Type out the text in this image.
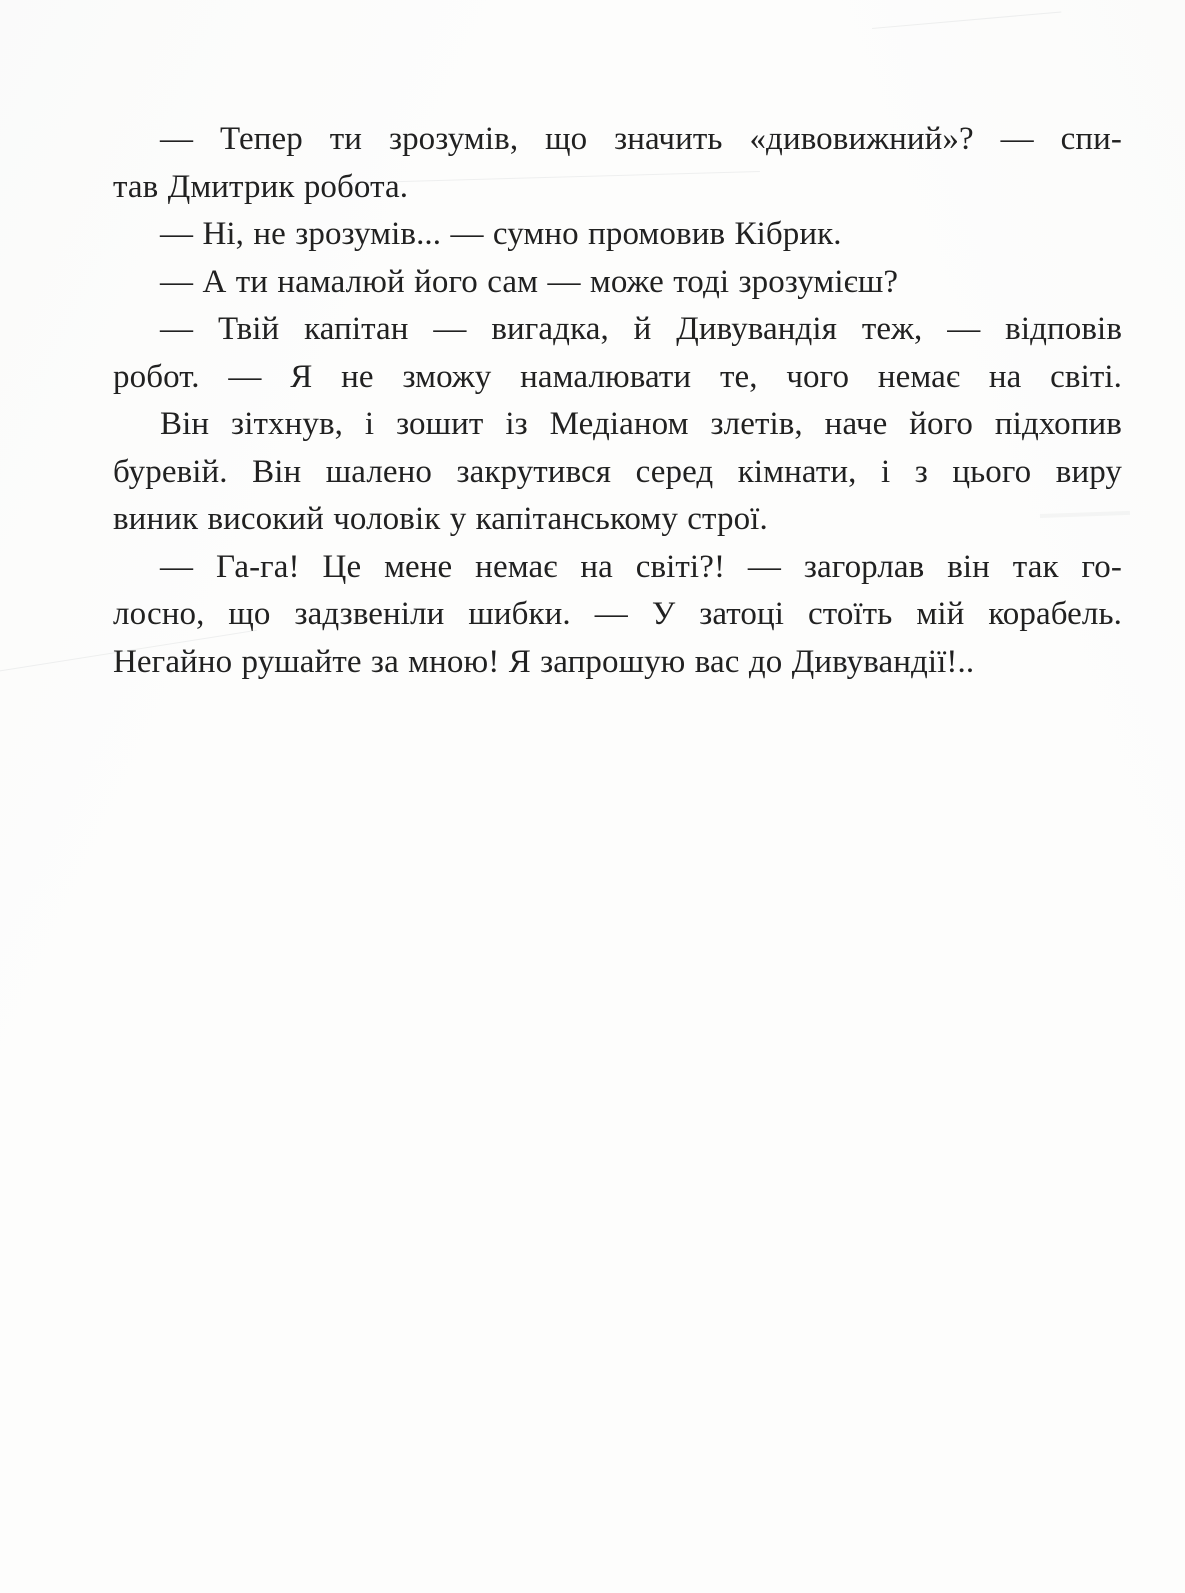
— Тепер ти зрозумів, що значить «дивовижний»? — спи-
тав Дмитрик робота.
— Ні, не зрозумів... — сумно промовив Кібрик.
— А ти намалюй його сам — може тоді зрозумієш?
— Твій капітан — вигадка, й Дивувандія теж, — відповів
робот. — Я не зможу намалювати те, чого немає на світі.
Він зітхнув, і зошит із Медіаном злетів, наче його підхопив
буревій. Він шалено закрутився серед кімнати, і з цього виру
виник високий чоловік у капітанському строї.
— Га-га! Це мене немає на світі?! — загорлав він так го-
лосно, що задзвеніли шибки. — У затоці стоїть мій корабель.
Негайно рушайте за мною! Я запрошую вас до Дивувандії!..
